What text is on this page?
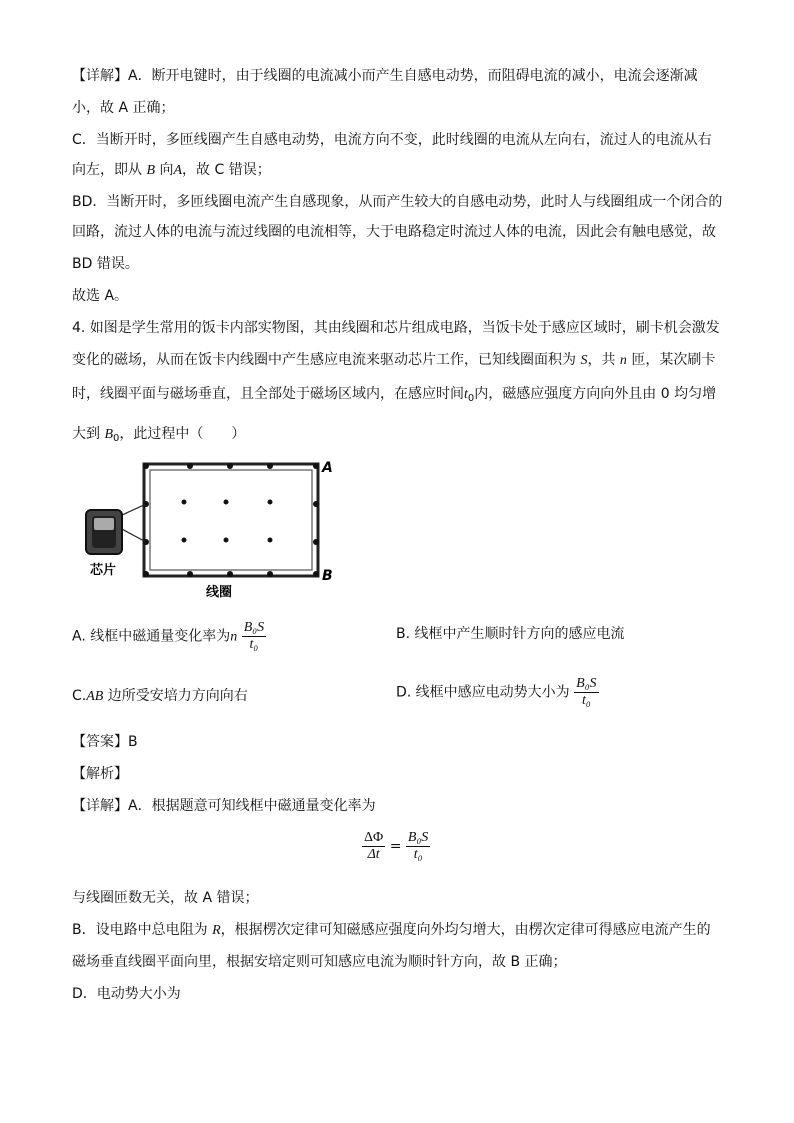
【详解】A．断开电键时，由于线圈的电流减小而产生自感电动势，而阻碍电流的减小，电流会逐渐减
小，故 A 正确；
C．当断开时，多匝线圈产生自感电动势，电流方向不变，此时线圈的电流从左向右，流过人的电流从右
向左，即从 B 向A，故 C 错误；
BD．当断开时，多匝线圈电流产生自感现象，从而产生较大的自感电动势，此时人与线圈组成一个闭合的
回路，流过人体的电流与流过线圈的电流相等，大于电路稳定时流过人体的电流，因此会有触电感觉，故
BD 错误。
故选 A。
4. 如图是学生常用的饭卡内部实物图，其由线圈和芯片组成电路，当饭卡处于感应区域时，刷卡机会激发
变化的磁场，从而在饭卡内线圈中产生感应电流来驱动芯片工作，已知线圈面积为 S，共 n 匝，某次刷卡
时，线圈平面与磁场垂直，且全部处于磁场区域内，在感应时间$t_0$内，磁感应强度方向向外且由 0 均匀增
大到 $B_0$，此过程中（　　）
A
B
芯片
线圈
A. 线框中磁通量变化率为n $\frac{\text{B₀S}}{\text{t₀}}$	B. 线框中产生顺时针方向的感应电流
C.AB 边所受安培力方向向右	D. 线框中感应电动势大小为 $\frac{\text{B₀S}}{\text{t₀}}$
【答案】B
【解析】
【详解】A．根据题意可知线框中磁通量变化率为
$\frac{\Delta\Phi}{\Delta t} = \frac{\text{B₀S}}{\text{t₀}}$
与线圈匝数无关，故 A 错误；
B．设电路中总电阻为 R，根据楞次定律可知磁感应强度向外均匀增大，由楞次定律可得感应电流产生的
磁场垂直线圈平面向里，根据安培定则可知感应电流为顺时针方向，故 B 正确；
D．电动势大小为
